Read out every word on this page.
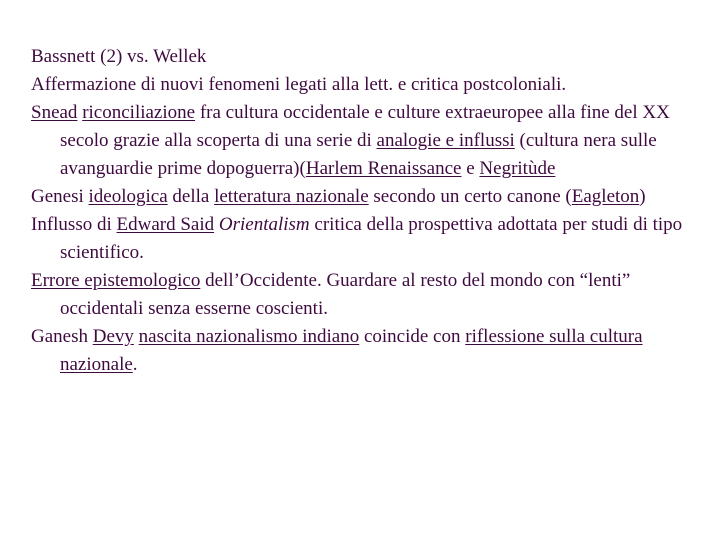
Bassnett (2) vs. Wellek

Affermazione di nuovi fenomeni legati alla lett. e critica postcoloniali.

Snead riconciliazione fra cultura occidentale e culture extraeuropee alla fine del XX secolo grazie alla scoperta di una serie di analogie e influssi (cultura nera sulle avanguardie prime dopoguerra)(Harlem Renaissance e Negritùde

Genesi ideologica della letteratura nazionale secondo un certo canone (Eagleton)

Influsso di Edward Said Orientalism critica della prospettiva adottata per studi di tipo scientifico.

Errore epistemologico dell’Occidente. Guardare al resto del mondo con “lenti” occidentali senza esserne coscienti.

Ganesh Devy nascita nazionalismo indiano coincide con riflessione sulla cultura nazionale.
